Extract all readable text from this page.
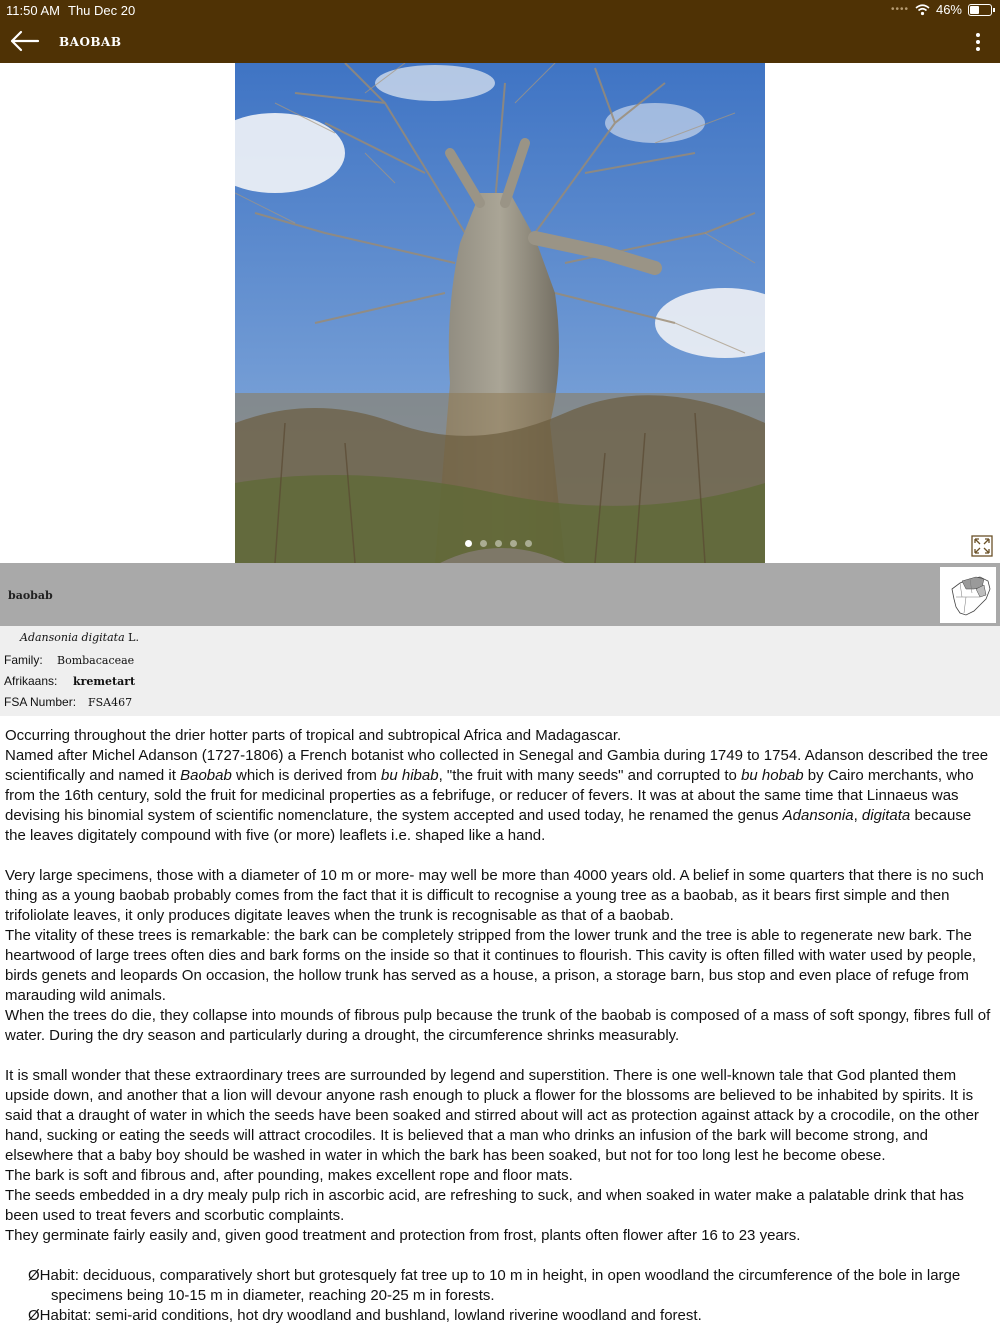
11:50 AM Thu Dec 20	•••• 46%
BAOBAB
baobab
Adansonia digitata L.
Family: Bombacaceae
Afrikaans: kremetart
FSA Number: FSA467

Occurring throughout the drier hotter parts of tropical and subtropical Africa and Madagascar.

Named after Michel Adanson (1727-1806) a French botanist who collected in Senegal and Gambia during 1749 to 1754. Adanson described the tree scientifically and named it Baobab which is derived from bu hibab, "the fruit with many seeds" and corrupted to bu hobab by Cairo merchants, who from the 16th century, sold the fruit for medicinal properties as a febrifuge, or reducer of fevers. It was at about the same time that Linnaeus was devising his binomial system of scientific nomenclature, the system accepted and used today, he renamed the genus Adansonia, digitata because the leaves digitately compound with five (or more) leaflets i.e. shaped like a hand.

Very large specimens, those with a diameter of 10 m or more- may well be more than 4000 years old. A belief in some quarters that there is no such thing as a young baobab probably comes from the fact that it is difficult to recognise a young tree as a baobab, as it bears first simple and then trifoliolate leaves, it only produces digitate leaves when the trunk is recognisable as that of a baobab.

The vitality of these trees is remarkable: the bark can be completely stripped from the lower trunk and the tree is able to regenerate new bark. The heartwood of large trees often dies and bark forms on the inside so that it continues to flourish. This cavity is often filled with water used by people, birds genets and leopards On occasion, the hollow trunk has served as a house, a prison, a storage barn, bus stop and even place of refuge from marauding wild animals.

When the trees do die, they collapse into mounds of fibrous pulp because the trunk of the baobab is composed of a mass of soft spongy, fibres full of water. During the dry season and particularly during a drought, the circumference shrinks measurably.

It is small wonder that these extraordinary trees are surrounded by legend and superstition. There is one well-known tale that God planted them upside down, and another that a lion will devour anyone rash enough to pluck a flower for the blossoms are believed to be inhabited by spirits. It is said that a draught of water in which the seeds have been soaked and stirred about will act as protection against attack by a crocodile, on the other hand, sucking or eating the seeds will attract crocodiles. It is believed that a man who drinks an infusion of the bark will become strong, and elsewhere that a baby boy should be washed in water in which the bark has been soaked, but not for too long lest he become obese.

The bark is soft and fibrous and, after pounding, makes excellent rope and floor mats.

The seeds embedded in a dry mealy pulp rich in ascorbic acid, are refreshing to suck, and when soaked in water make a palatable drink that has been used to treat fevers and scorbutic complaints.

They germinate fairly easily and, given good treatment and protection from frost, plants often flower after 16 to 23 years.

ØHabit: deciduous, comparatively short but grotesquely fat tree up to 10 m in height, in open woodland the circumference of the bole in large specimens being 10-15 m in diameter, reaching 20-25 m in forests.

ØHabitat: semi-arid conditions, hot dry woodland and bushland, lowland riverine woodland and forest.
